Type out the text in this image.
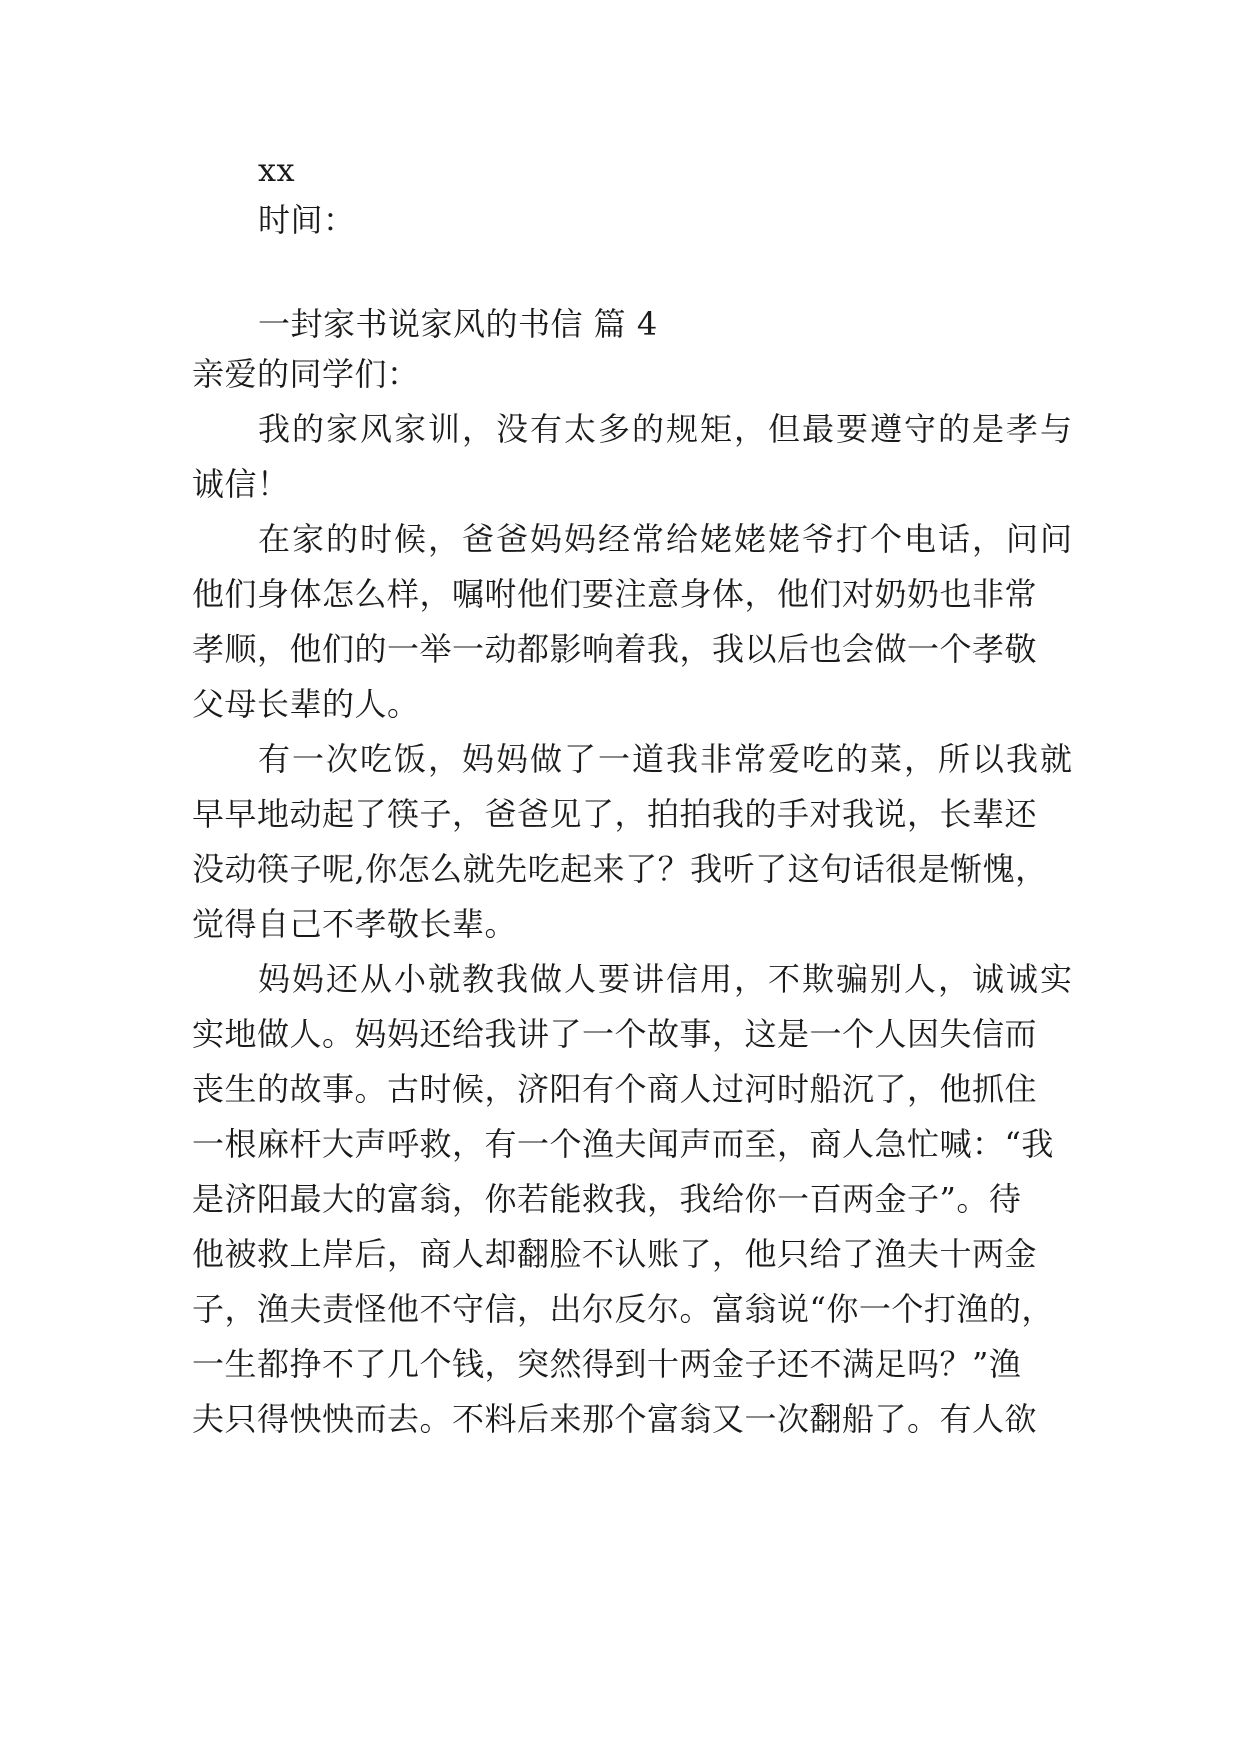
xx
时间：
一封家书说家风的书信 篇 4
亲爱的同学们：
我的家风家训，没有太多的规矩，但最要遵守的是孝与
诚信！
在家的时候，爸爸妈妈经常给姥姥姥爷打个电话，问问
他们身体怎么样，嘱咐他们要注意身体，他们对奶奶也非常
孝顺，他们的一举一动都影响着我，我以后也会做一个孝敬
父母长辈的人。
有一次吃饭，妈妈做了一道我非常爱吃的菜，所以我就
早早地动起了筷子，爸爸见了，拍拍我的手对我说，长辈还
没动筷子呢,你怎么就先吃起来了？我听了这句话很是惭愧，
觉得自己不孝敬长辈。
妈妈还从小就教我做人要讲信用，不欺骗别人，诚诚实
实地做人。妈妈还给我讲了一个故事，这是一个人因失信而
丧生的故事。古时候，济阳有个商人过河时船沉了，他抓住
一根麻杆大声呼救，有一个渔夫闻声而至，商人急忙喊：“我
是济阳最大的富翁，你若能救我，我给你一百两金子”。待
他被救上岸后，商人却翻脸不认账了，他只给了渔夫十两金
子，渔夫责怪他不守信，出尔反尔。富翁说“你一个打渔的，
一生都挣不了几个钱，突然得到十两金子还不满足吗？”渔
夫只得怏怏而去。不料后来那个富翁又一次翻船了。有人欲
